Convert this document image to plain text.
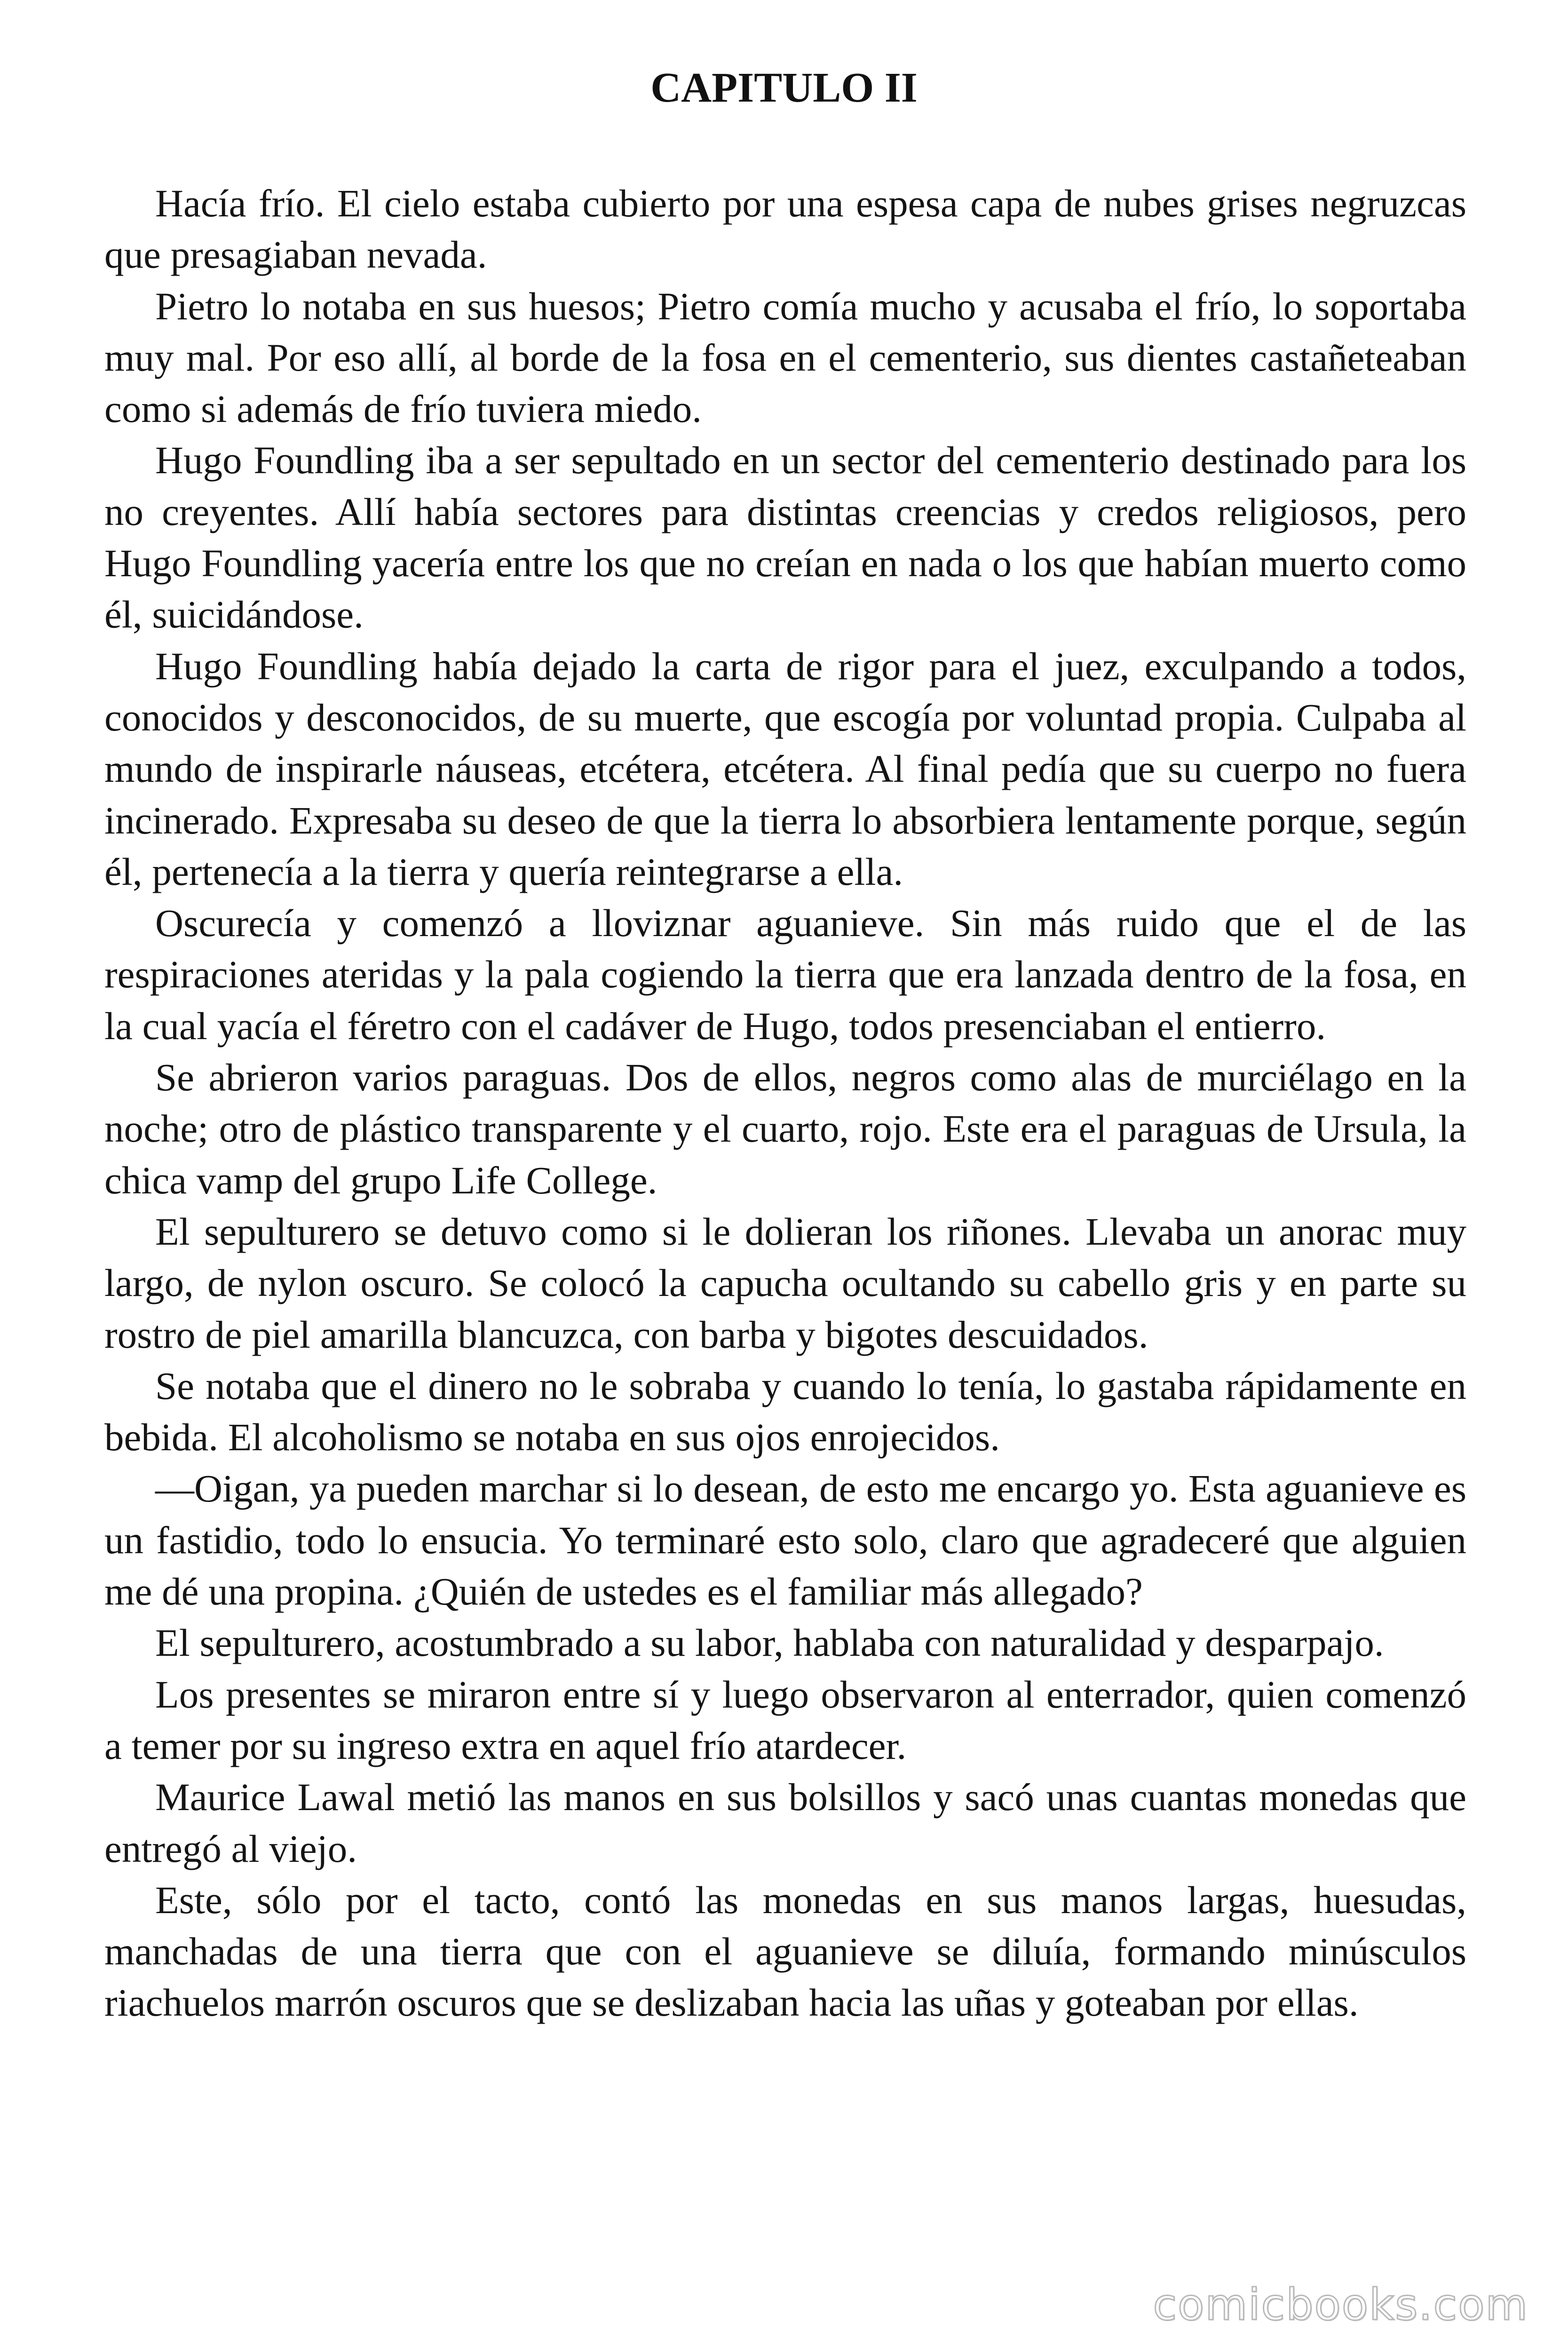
CAPITULO II

Hacía frío. El cielo estaba cubierto por una espesa capa de nubes grises negruzcas que presagiaban nevada.

Pietro lo notaba en sus huesos; Pietro comía mucho y acusaba el frío, lo soportaba muy mal. Por eso allí, al borde de la fosa en el cementerio, sus dientes castañeteaban como si además de frío tuviera miedo.

Hugo Foundling iba a ser sepultado en un sector del cementerio destinado para los no creyentes. Allí había sectores para distintas creencias y credos religiosos, pero Hugo Foundling yacería entre los que no creían en nada o los que habían muerto como él, suicidándose.

Hugo Foundling había dejado la carta de rigor para el juez, exculpando a todos, conocidos y desconocidos, de su muerte, que escogía por voluntad propia. Culpaba al mundo de inspirarle náuseas, etcétera, etcétera. Al final pedía que su cuerpo no fuera incinerado. Expresaba su deseo de que la tierra lo absorbiera lentamente porque, según él, pertenecía a la tierra y quería reintegrarse a ella.

Oscurecía y comenzó a lloviznar aguanieve. Sin más ruido que el de las respiraciones ateridas y la pala cogiendo la tierra que era lanzada dentro de la fosa, en la cual yacía el féretro con el cadáver de Hugo, todos presenciaban el entierro.

Se abrieron varios paraguas. Dos de ellos, negros como alas de murciélago en la noche; otro de plástico transparente y el cuarto, rojo. Este era el paraguas de Ursula, la chica vamp del grupo Life College.

El sepulturero se detuvo como si le dolieran los riñones. Llevaba un anorac muy largo, de nylon oscuro. Se colocó la capucha ocultando su cabello gris y en parte su rostro de piel amarilla blancuzca, con barba y bigotes descuidados.

Se notaba que el dinero no le sobraba y cuando lo tenía, lo gastaba rápidamente en bebida. El alcoholismo se notaba en sus ojos enrojecidos.

—Oigan, ya pueden marchar si lo desean, de esto me encargo yo. Esta aguanieve es un fastidio, todo lo ensucia. Yo terminaré esto solo, claro que agradeceré que alguien me dé una propina. ¿Quién de ustedes es el familiar más allegado?

El sepulturero, acostumbrado a su labor, hablaba con naturalidad y desparpajo.

Los presentes se miraron entre sí y luego observaron al enterrador, quien comenzó a temer por su ingreso extra en aquel frío atardecer.

Maurice Lawal metió las manos en sus bolsillos y sacó unas cuantas monedas que entregó al viejo.

Este, sólo por el tacto, contó las monedas en sus manos largas, huesudas, manchadas de una tierra que con el aguanieve se diluía, formando minúsculos riachuelos marrón oscuros que se deslizaban hacia las uñas y goteaban por ellas.

comicbooks.com
